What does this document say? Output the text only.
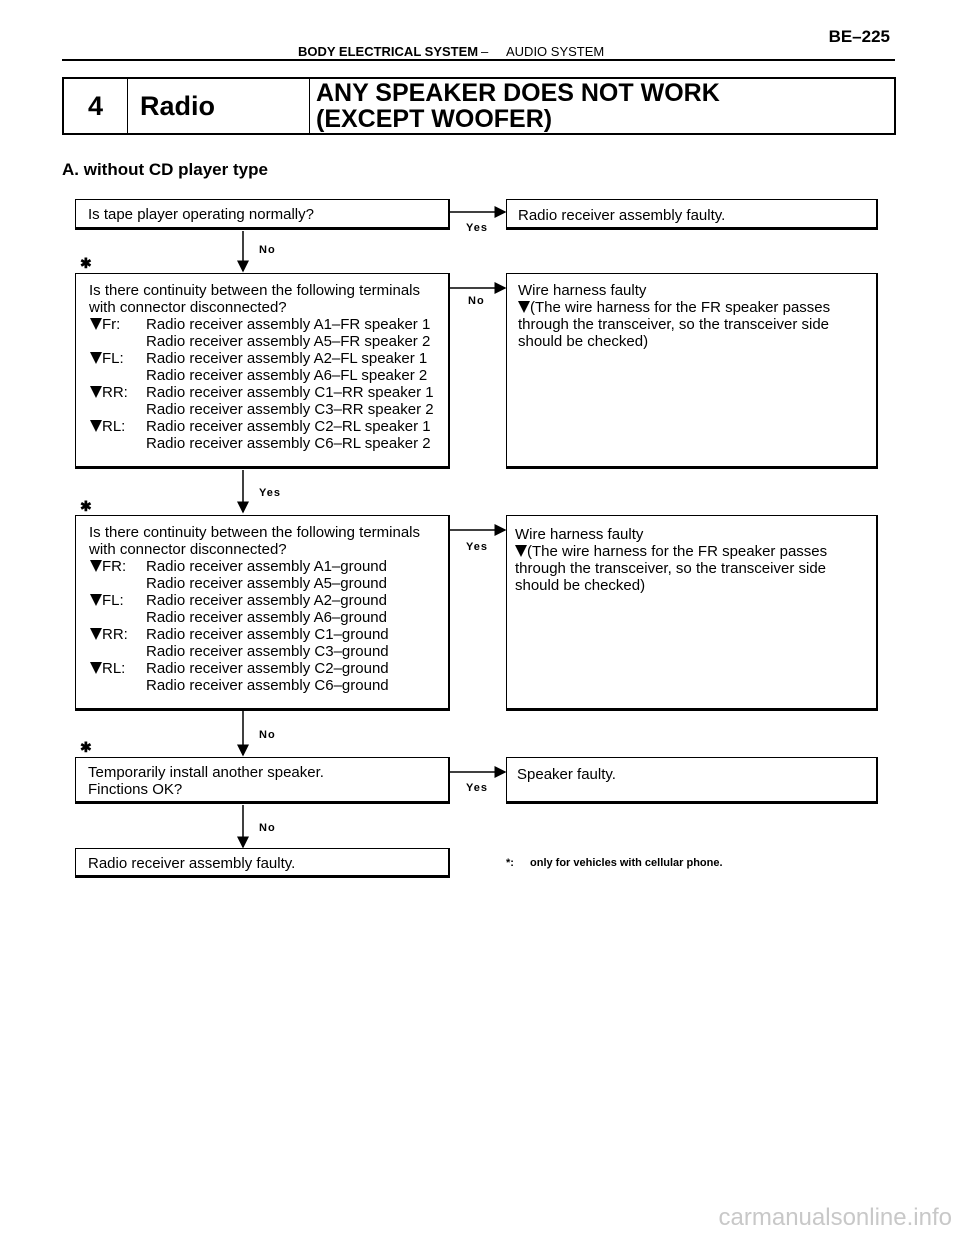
BODY ELECTRICAL SYSTEM – AUDIO SYSTEM
BE–225
4	Radio	ANY SPEAKER DOES NOT WORK
(EXCEPT WOOFER)
A. without CD player type
Yes
No
No
Yes
Yes
No
Yes
No
✱
✱
✱
Is tape player operating normally?	Radio receiver assembly faulty.
Is there continuity between the following terminals
with connector disconnected?
Fr:	Radio receiver assembly A1–FR speaker 1
Radio receiver assembly A5–FR speaker 2
FL:	Radio receiver assembly A2–FL speaker 1
Radio receiver assembly A6–FL speaker 2
RR:	Radio receiver assembly C1–RR speaker 1
Radio receiver assembly C3–RR speaker 2
RL:	Radio receiver assembly C2–RL speaker 1
Radio receiver assembly C6–RL speaker 2
Wire harness faulty
(The wire harness for the FR speaker passes
through the transceiver, so the transceiver side
should be checked)
Is there continuity between the following terminals
with connector disconnected?
FR:	Radio receiver assembly A1–ground
Radio receiver assembly A5–ground
FL:	Radio receiver assembly A2–ground
Radio receiver assembly A6–ground
RR:	Radio receiver assembly C1–ground
Radio receiver assembly C3–ground
RL:	Radio receiver assembly C2–ground
Radio receiver assembly C6–ground
Wire harness faulty
(The wire harness for the FR speaker passes
through the transceiver, so the transceiver side
should be checked)
Temporarily install another speaker.
Finctions OK?
Speaker faulty.
Radio receiver assembly faulty.	*: only for vehicles with cellular phone.
carmanualsonline.info
